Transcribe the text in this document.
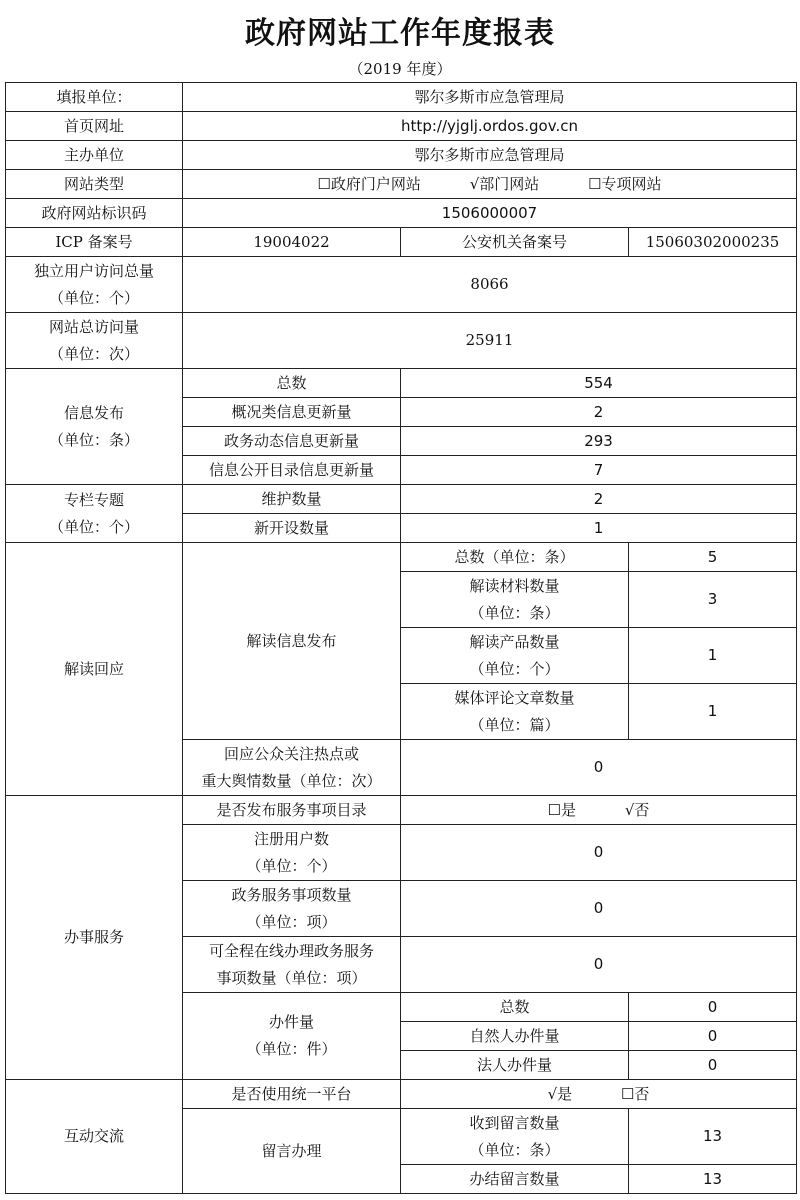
政府网站工作年度报表
（2019 年度）
填报单位：	鄂尔多斯市应急管理局		
首页网址	http://yjglj.ordos.gov.cn		
主办单位	鄂尔多斯市应急管理局		
网站类型	☐政府门户网站 √部门网站 ☐专项网站		
政府网站标识码	1506000007		
ICP 备案号	19004022	公安机关备案号	15060302000235

独立用户访问总量
（单位：个）	8066		

网站总访问量
（单位：次）	25911		

信息发布
（单位：条）	总数	554	
	概况类信息更新量	2	
	政务动态信息更新量	293	
	信息公开目录信息更新量	7	

专栏专题
（单位：个）	维护数量	2	
	新开设数量	1	
解读回应	解读信息发布	总数（单位：条）	5

		解读材料数量
（单位：条）	3

		解读产品数量
（单位：个）	1

		媒体评论文章数量
（单位：篇）	1

	回应公众关注热点或
重大舆情数量（单位：次）	0	
办事服务	是否发布服务事项目录	☐是 √否	

	注册用户数
（单位：个）	0	

	政务服务事项数量
（单位：项）	0	

	可全程在线办理政务服务
事项数量（单位：项）	0	

	办件量
（单位：件）	总数	0
		自然人办件量	0
		法人办件量	0
互动交流	是否使用统一平台	√是 ☐否	
	留言办理	收到留言数量
（单位：条）	13
		办结留言数量	13
